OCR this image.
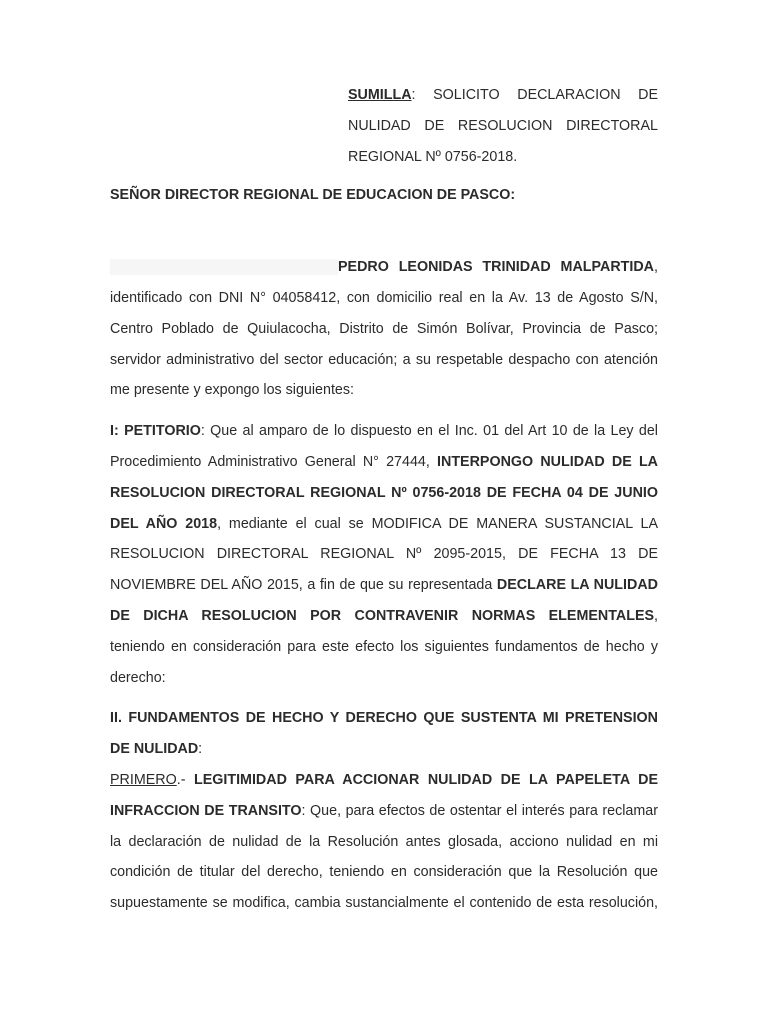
SUMILLA: SOLICITO DECLARACION DE NULIDAD DE RESOLUCION DIRECTORAL REGIONAL Nº 0756-2018.

SEÑOR DIRECTOR REGIONAL DE EDUCACION DE PASCO:

PEDRO LEONIDAS TRINIDAD MALPARTIDA, identificado con DNI N° 04058412, con domicilio real en la Av. 13 de Agosto S/N, Centro Poblado de Quiulacocha, Distrito de Simón Bolívar, Provincia de Pasco; servidor administrativo del sector educación; a su respetable despacho con atención me presente y expongo los siguientes:

I: PETITORIO: Que al amparo de lo dispuesto en el Inc. 01 del Art 10 de la Ley del Procedimiento Administrativo General N° 27444, INTERPONGO NULIDAD DE LA RESOLUCION DIRECTORAL REGIONAL Nº 0756-2018 DE FECHA 04 DE JUNIO DEL AÑO 2018, mediante el cual se MODIFICA DE MANERA SUSTANCIAL LA RESOLUCION DIRECTORAL REGIONAL Nº 2095-2015, DE FECHA 13 DE NOVIEMBRE DEL AÑO 2015, a fin de que su representada DECLARE LA NULIDAD DE DICHA RESOLUCION POR CONTRAVENIR NORMAS ELEMENTALES, teniendo en consideración para este efecto los siguientes fundamentos de hecho y derecho:

II. FUNDAMENTOS DE HECHO Y DERECHO QUE SUSTENTA MI PRETENSION DE NULIDAD:

PRIMERO.- LEGITIMIDAD PARA ACCIONAR NULIDAD DE LA PAPELETA DE INFRACCION DE TRANSITO: Que, para efectos de ostentar el interés para reclamar la declaración de nulidad de la Resolución antes glosada, acciono nulidad en mi condición de titular del derecho, teniendo en consideración que la Resolución que supuestamente se modifica, cambia sustancialmente el contenido de esta resolución,
